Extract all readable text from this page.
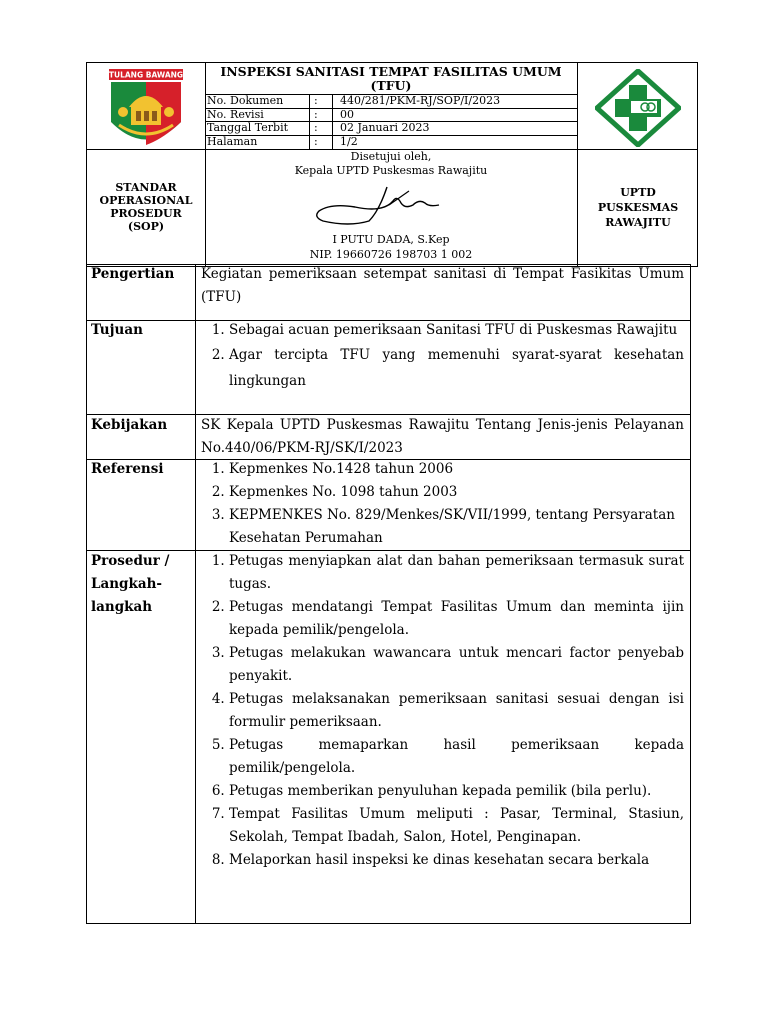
TULANG BAWANG	INSPEKSI SANITASI TEMPAT FASILITAS UMUM (TFU)
No. Dokumen	: 440/281/PKM-RJ/SOP/I/2023
No. Revisi	: 00
Tanggal Terbit : 02 Januari 2023
Halaman	: 1/2
STANDAR
OPERASIONAL
PROSEDUR
(SOP)
Disetujui oleh,
Kepala UPTD Puskesmas Rawajitu
I PUTU DADA, S.Kep
NIP. 19660726 198703 1 002
UPTD
PUSKESMAS
RAWAJITU
Pengertian Kegiatan pemeriksaan setempat sanitasi di Tempat Fasikitas Umum (TFU)

Tujuan	1. Sebagai acuan pemeriksaan Sanitasi TFU di Puskesmas Rawajitu
2. Agar tercipta TFU yang memenuhi syarat-syarat kesehatan lingkungan
Kebijakan	SK Kepala UPTD Puskesmas Rawajitu Tentang Jenis-jenis Pelayanan No.440/06/PKM-RJ/SK/I/2023

Referensi	1. Kepmenkes No.1428 tahun 2006
2. Kepmenkes No. 1098 tahun 2003
3. KEPMENKES No. 829/Menkes/SK/VII/1999, tentang Persyaratan Kesehatan Perumahan
Prosedur /
Langkah-
langkah
1. Petugas menyiapkan alat dan bahan pemeriksaan termasuk surat tugas.
2. Petugas mendatangi Tempat Fasilitas Umum dan meminta ijin kepada pemilik/pengelola.
3. Petugas melakukan wawancara untuk mencari factor penyebab penyakit.
4. Petugas melaksanakan pemeriksaan sanitasi sesuai dengan isi formulir pemeriksaan.
5. Petugas memaparkan hasil pemeriksaan kepada pemilik/pengelola.
6. Petugas memberikan penyuluhan kepada pemilik (bila perlu).
7. Tempat Fasilitas Umum meliputi : Pasar, Terminal, Stasiun, Sekolah, Tempat Ibadah, Salon, Hotel, Penginapan.
8. Melaporkan hasil inspeksi ke dinas kesehatan secara berkala
